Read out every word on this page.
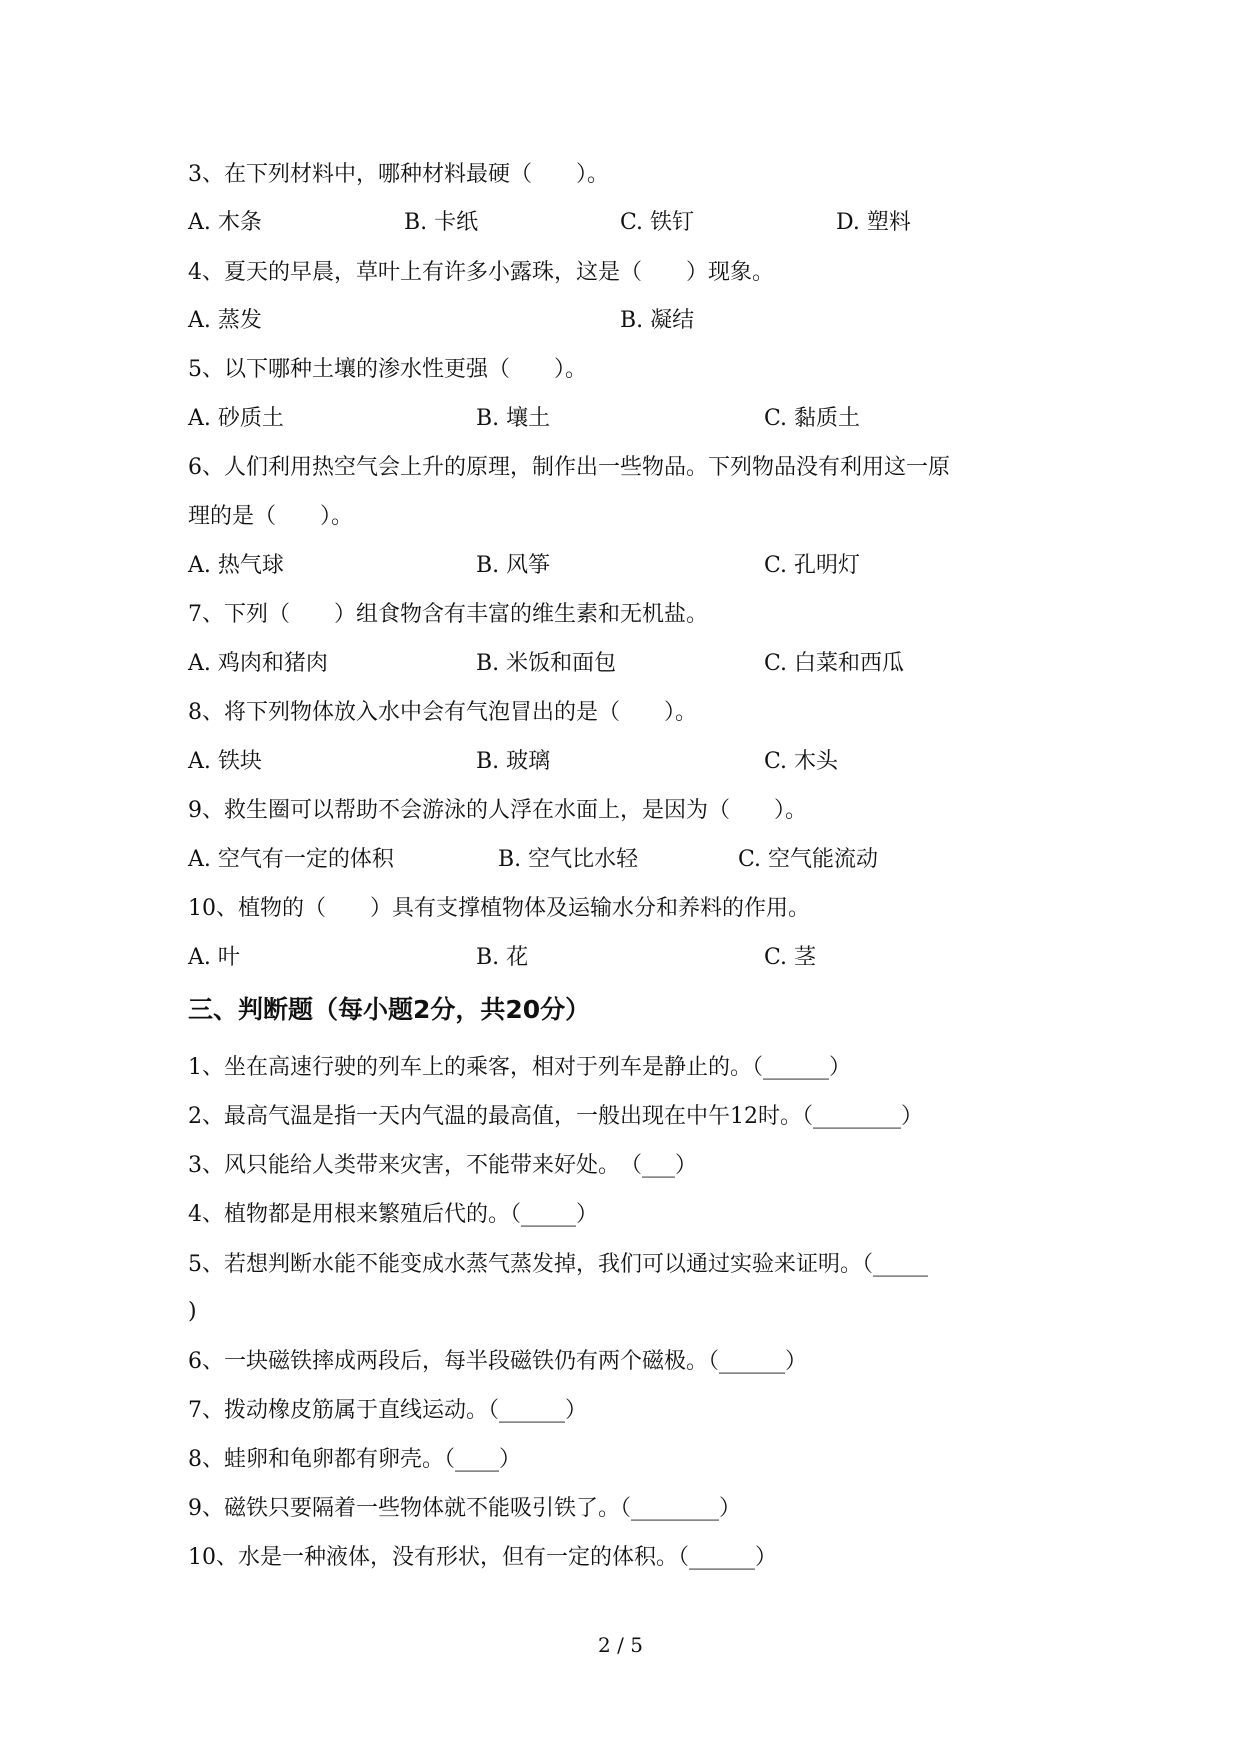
3、在下列材料中，哪种材料最硬（　　）。
A. 木条	B. 卡纸	C. 铁钉	D. 塑料
4、夏天的早晨，草叶上有许多小露珠，这是（　　）现象。
A. 蒸发	B. 凝结
5、以下哪种土壤的渗水性更强（　　）。
A. 砂质土	B. 壤土	C. 黏质土
6、人们利用热空气会上升的原理，制作出一些物品。下列物品没有利用这一原
理的是（　　）。
A. 热气球	B. 风筝	C. 孔明灯
7、下列（　　）组食物含有丰富的维生素和无机盐。
A. 鸡肉和猪肉	B. 米饭和面包	C. 白菜和西瓜
8、将下列物体放入水中会有气泡冒出的是（　　）。
A. 铁块	B. 玻璃	C. 木头
9、救生圈可以帮助不会游泳的人浮在水面上，是因为（　　）。
A. 空气有一定的体积	B. 空气比水轻	C. 空气能流动
10、植物的（　　）具有支撑植物体及运输水分和养料的作用。
A. 叶	B. 花	C. 茎
三、判断题（每小题2分，共20分）
1、坐在高速行驶的列车上的乘客，相对于列车是静止的。（______）
2、最高气温是指一天内气温的最高值，一般出现在中午12时。（________）
3、风只能给人类带来灾害，不能带来好处。　（___）
4、植物都是用根来繁殖后代的。（_____）
5、若想判断水能不能变成水蒸气蒸发掉，我们可以通过实验来证明。（_____
)
6、一块磁铁摔成两段后，每半段磁铁仍有两个磁极。（______）
7、拨动橡皮筋属于直线运动。（______）
8、蛙卵和龟卵都有卵壳。（____）
9、磁铁只要隔着一些物体就不能吸引铁了。（________）
10、水是一种液体，没有形状，但有一定的体积。（______）
2 / 5
